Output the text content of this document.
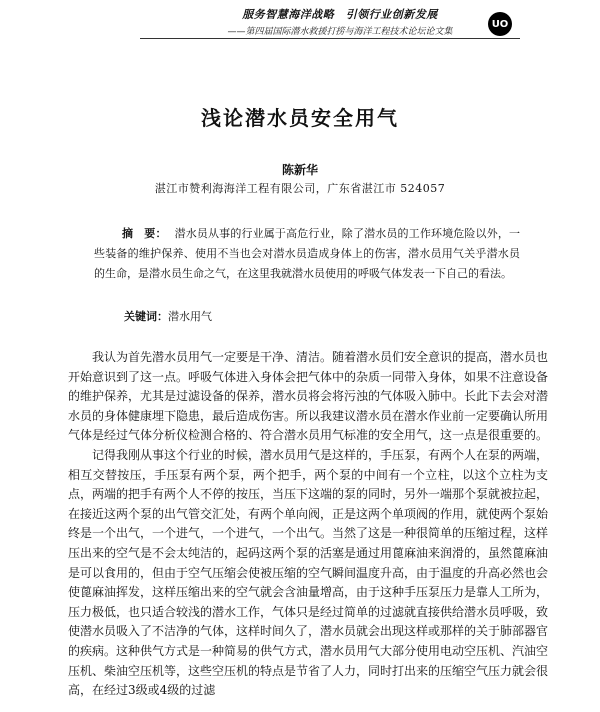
服务智慧海洋战略　引领行业创新发展
——第四届国际潜水救援打捞与海洋工程技术论坛论文集
UO
浅论潜水员安全用气
陈新华
湛江市赞利海海洋工程有限公司，广东省湛江市 524057
摘　要： 潜水员从事的行业属于高危行业，除了潜水员的工作环境危险以外，一些装备的维护保养、使用不当也会对潜水员造成身体上的伤害，潜水员用气关乎潜水员的生命，是潜水员生命之气，在这里我就潜水员使用的呼吸气体发表一下自己的看法。
关键词：潜水用气

我认为首先潜水员用气一定要是干净、清洁。随着潜水员们安全意识的提高，潜水员也开始意识到了这一点。呼吸气体进入身体会把气体中的杂质一同带入身体，如果不注意设备的维护保养，尤其是过滤设备的保养，潜水员将会将污浊的气体吸入肺中。长此下去会对潜水员的身体健康埋下隐患，最后造成伤害。所以我建议潜水员在潜水作业前一定要确认所用气体是经过气体分析仪检测合格的、符合潜水员用气标准的安全用气，这一点是很重要的。

记得我刚从事这个行业的时候，潜水员用气是这样的，手压泵，有两个人在泵的两端，相互交替按压，手压泵有两个泵，两个把手，两个泵的中间有一个立柱，以这个立柱为支点，两端的把手有两个人不停的按压，当压下这端的泵的同时，另外一端那个泵就被拉起，在接近这两个泵的出气管交汇处，有两个单向阀，正是这两个单项阀的作用，就使两个泵始终是一个出气，一个进气，一个进气，一个出气。当然了这是一种很简单的压缩过程，这样压出来的空气是不会太纯洁的，起码这两个泵的活塞是通过用蓖麻油来润滑的，虽然蓖麻油是可以食用的，但由于空气压缩会使被压缩的空气瞬间温度升高，由于温度的升高必然也会使蓖麻油挥发，这样压缩出来的空气就会含油量增高，由于这种手压泵压力是靠人工所为，压力极低，也只适合较浅的潜水工作，气体只是经过简单的过滤就直接供给潜水员呼吸，致使潜水员吸入了不洁净的气体，这样时间久了，潜水员就会出现这样或那样的关于肺部器官的疾病。这种供气方式是一种简易的供气方式，潜水员用气大部分使用电动空压机、汽油空压机、柴油空压机等，这些空压机的特点是节省了人力，同时打出来的压缩空气压力就会很高，在经过3级或4级的过滤
